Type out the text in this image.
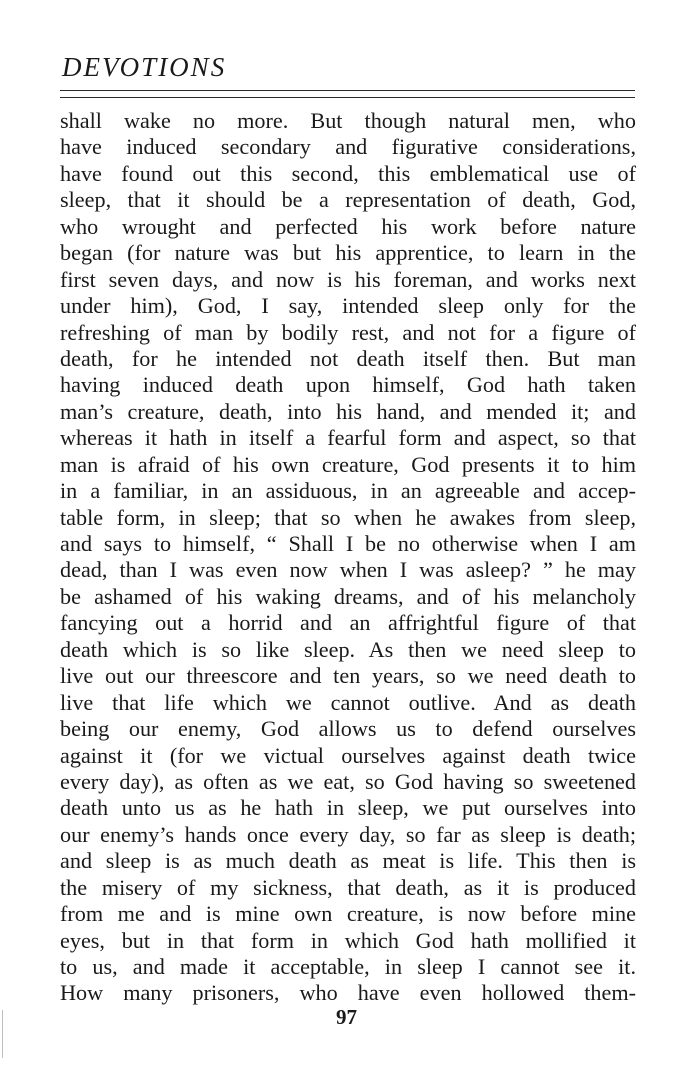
DEVOTIONS
shall wake no more. But though natural men, who
have induced secondary and figurative considerations,
have found out this second, this emblematical use of
sleep, that it should be a representation of death, God,
who wrought and perfected his work before nature
began (for nature was but his apprentice, to learn in the
first seven days, and now is his foreman, and works next
under him), God, I say, intended sleep only for the
refreshing of man by bodily rest, and not for a figure of
death, for he intended not death itself then. But man
having induced death upon himself, God hath taken
man’s creature, death, into his hand, and mended it; and
whereas it hath in itself a fearful form and aspect, so that
man is afraid of his own creature, God presents it to him
in a familiar, in an assiduous, in an agreeable and accep-
table form, in sleep; that so when he awakes from sleep,
and says to himself, “ Shall I be no otherwise when I am
dead, than I was even now when I was asleep? ” he may
be ashamed of his waking dreams, and of his melancholy
fancying out a horrid and an affrightful figure of that
death which is so like sleep. As then we need sleep to
live out our threescore and ten years, so we need death to
live that life which we cannot outlive. And as death
being our enemy, God allows us to defend ourselves
against it (for we victual ourselves against death twice
every day), as often as we eat, so God having so sweetened
death unto us as he hath in sleep, we put ourselves into
our enemy’s hands once every day, so far as sleep is death;
and sleep is as much death as meat is life. This then is
the misery of my sickness, that death, as it is produced
from me and is mine own creature, is now before mine
eyes, but in that form in which God hath mollified it
to us, and made it acceptable, in sleep I cannot see it.
How many prisoners, who have even hollowed them-
97
